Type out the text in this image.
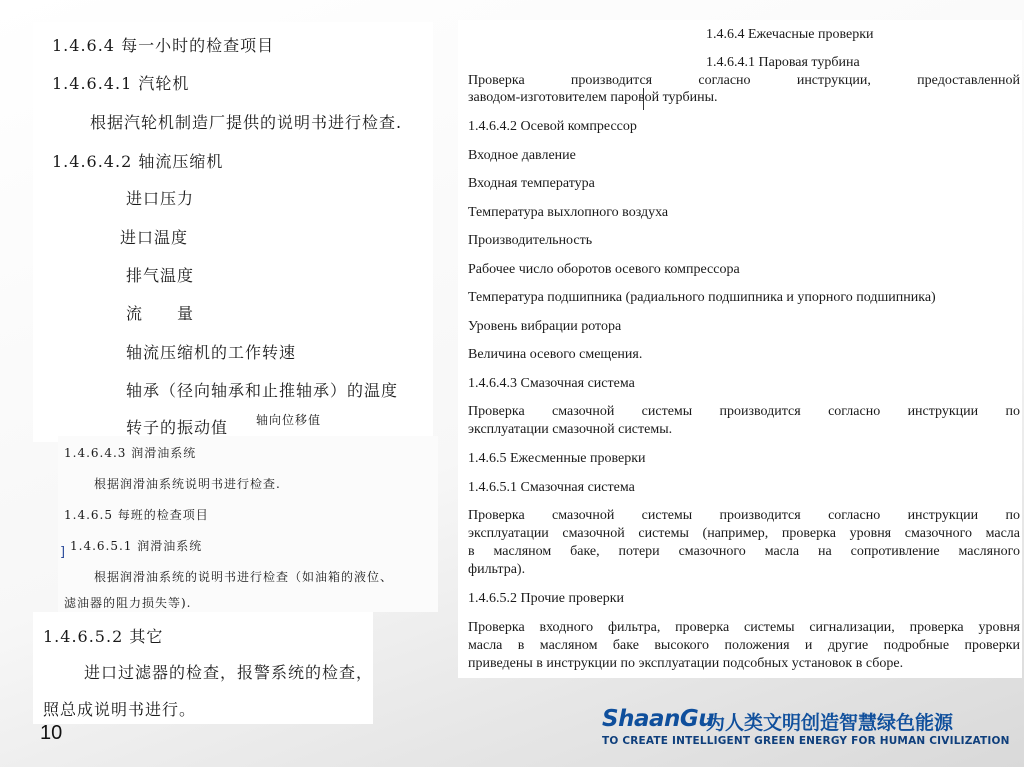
1.4.6.4 每一小时的检查项目
1.4.6.4.1 汽轮机
根据汽轮机制造厂提供的说明书进行检查.
1.4.6.4.2 轴流压缩机
进口压力
进口温度
排气温度
流　　量
轴流压缩机的工作转速
轴承（径向轴承和止推轴承）的温度
转子的振动值 轴向位移值
1.4.6.4.3 润滑油系统
根据润滑油系统说明书进行检查.
1.4.6.5 每班的检查项目
] 1.4.6.5.1 润滑油系统
根据润滑油系统的说明书进行检查（如油箱的液位、
滤油器的阻力损失等).
1.4.6.5.2 其它
进口过滤器的检查，报警系统的检查，
照总成说明书进行。
1.4.6.4 Ежечасные проверки
1.4.6.4.1 Паровая турбина
Проверка производится согласно инструкции, предоставленной
заводом-изготовителем паровой турбины.
1.4.6.4.2 Осевой компрессор
Входное давление
Входная температура
Температура выхлопного воздуха
Производительность
Рабочее число оборотов осевого компрессора
Температура подшипника (радиального подшипника и упорного подшипника)
Уровень вибрации ротора
Величина осевого смещения.
1.4.6.4.3 Смазочная система
Проверка смазочной системы производится согласно инструкции по
эксплуатации смазочной системы.
1.4.6.5 Ежесменные проверки
1.4.6.5.1 Смазочная система
Проверка смазочной системы производится согласно инструкции по
эксплуатации смазочной системы (например, проверка уровня смазочного масла
в масляном баке, потери смазочного масла на сопротивление масляного
фильтра).
1.4.6.5.2 Прочие проверки
Проверка входного фильтра, проверка системы сигнализации, проверка уровня
масла в масляном баке высокого положения и другие подробные проверки
приведены в инструкции по эксплуатации подсобных установок в сборе.
10
ShaanGu
为人类文明创造智慧绿色能源
TO CREATE INTELLIGENT GREEN ENERGY FOR HUMAN CIVILIZATION
